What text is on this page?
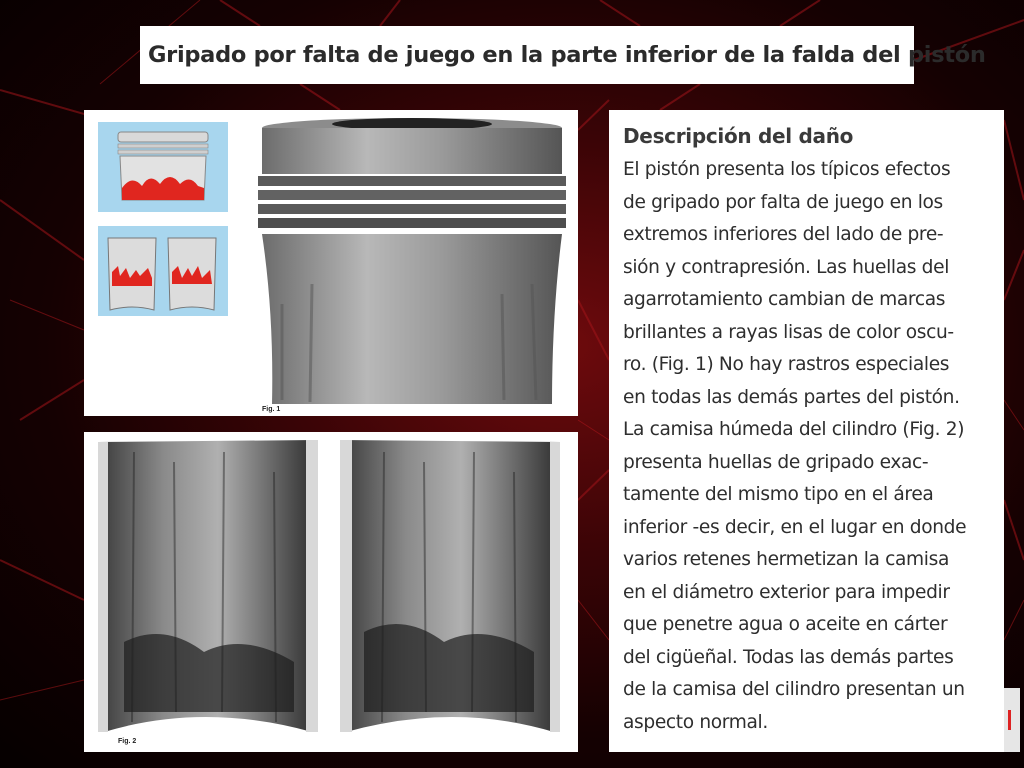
Gripado por falta de juego en la parte inferior de la falda del pistón
Fig. 1
Fig. 2
Descripción del daño
El pistón presenta los típicos efectos
de gripado por falta de juego en los
extremos inferiores del lado de pre-
sión y contrapresión. Las huellas del
agarrotamiento cambian de marcas
brillantes a rayas lisas de color oscu-
ro. (Fig. 1) No hay rastros especiales
en todas las demás partes del pistón.
La camisa húmeda del cilindro (Fig. 2)
presenta huellas de gripado exac-
tamente del mismo tipo en el área
inferior -es decir, en el lugar en donde
varios retenes hermetizan la camisa
en el diámetro exterior para impedir
que penetre agua o aceite en cárter
del cigüeñal. Todas las demás partes
de la camisa del cilindro presentan un
aspecto normal.
